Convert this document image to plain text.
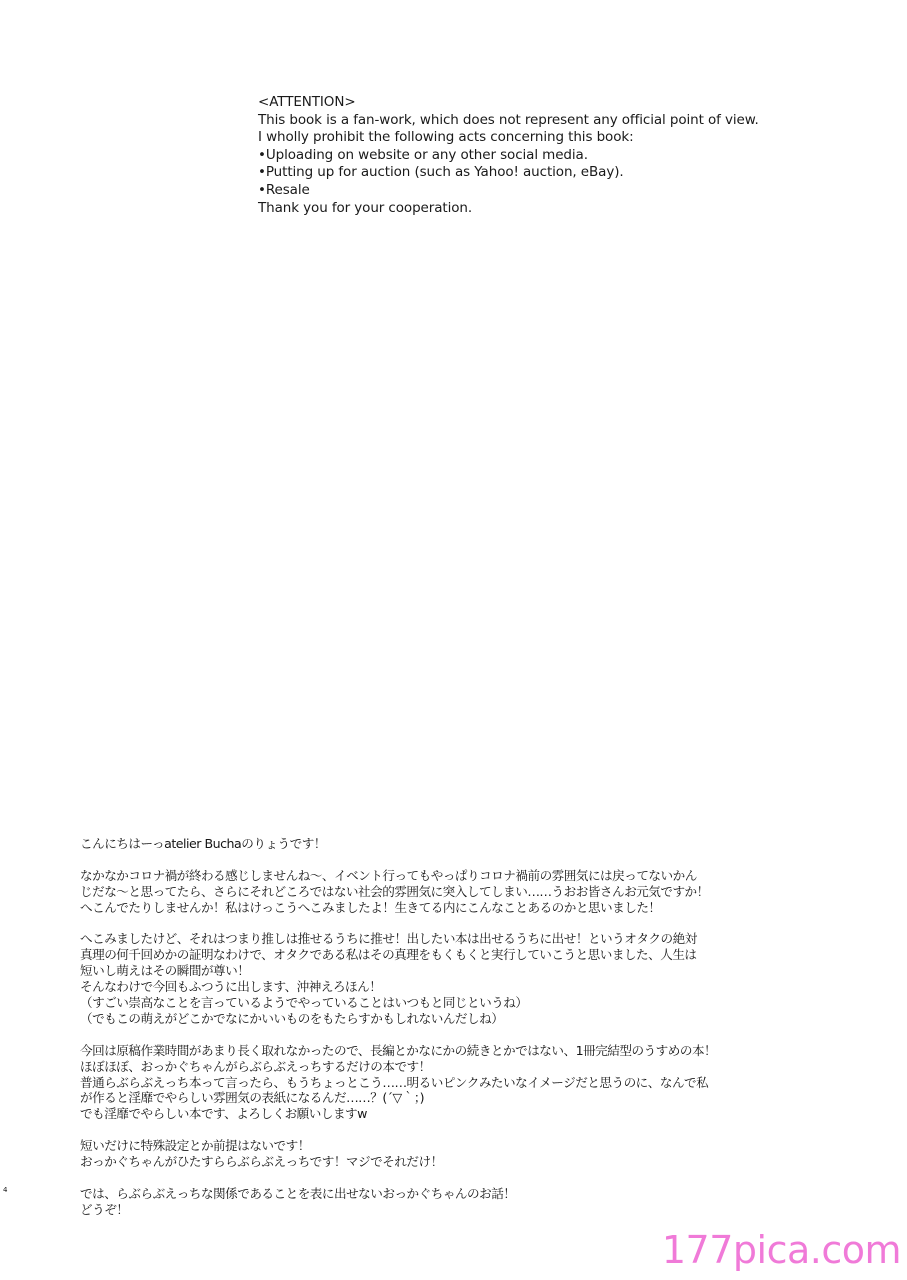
<ATTENTION>
This book is a fan-work, which does not represent any official point of view.
I wholly prohibit the following acts concerning this book:
•Uploading on website or any other social media.
•Putting up for auction (such as Yahoo! auction, eBay).
•Resale
Thank you for your cooperation.
こんにちはーっatelier Buchaのりょうです！
なかなかコロナ禍が終わる感じしませんね～、イベント行ってもやっぱりコロナ禍前の雰囲気には戻ってないかん
じだな～と思ってたら、さらにそれどころではない社会的雰囲気に突入してしまい……うおお皆さんお元気ですか！
へこんでたりしませんか！私はけっこうへこみましたよ！生きてる内にこんなことあるのかと思いました！
へこみましたけど、それはつまり推しは推せるうちに推せ！出したい本は出せるうちに出せ！というオタクの絶対
真理の何千回めかの証明なわけで、オタクである私はその真理をもくもくと実行していこうと思いました、人生は
短いし萌えはその瞬間が尊い！
そんなわけで今回もふつうに出します、沖神えろほん！
（すごい崇高なことを言っているようでやっていることはいつもと同じというね）
（でもこの萌えがどこかでなにかいいものをもたらすかもしれないんだしね）
今回は原稿作業時間があまり長く取れなかったので、長編とかなにかの続きとかではない、1冊完結型のうすめの本！
ほぼほぼ、おっかぐちゃんがらぶらぶえっちするだけの本です！
普通らぶらぶえっち本って言ったら、もうちょっとこう……明るいピンクみたいなイメージだと思うのに、なんで私
が作ると淫靡でやらしい雰囲気の表紙になるんだ……？(´▽｀；)
でも淫靡でやらしい本です、よろしくお願いしますw
短いだけに特殊設定とか前提はないです！
おっかぐちゃんがひたすららぶらぶえっちです！マジでそれだけ！
では、らぶらぶえっちな関係であることを表に出せないおっかぐちゃんのお話！
どうぞ！
4
177pica.com
